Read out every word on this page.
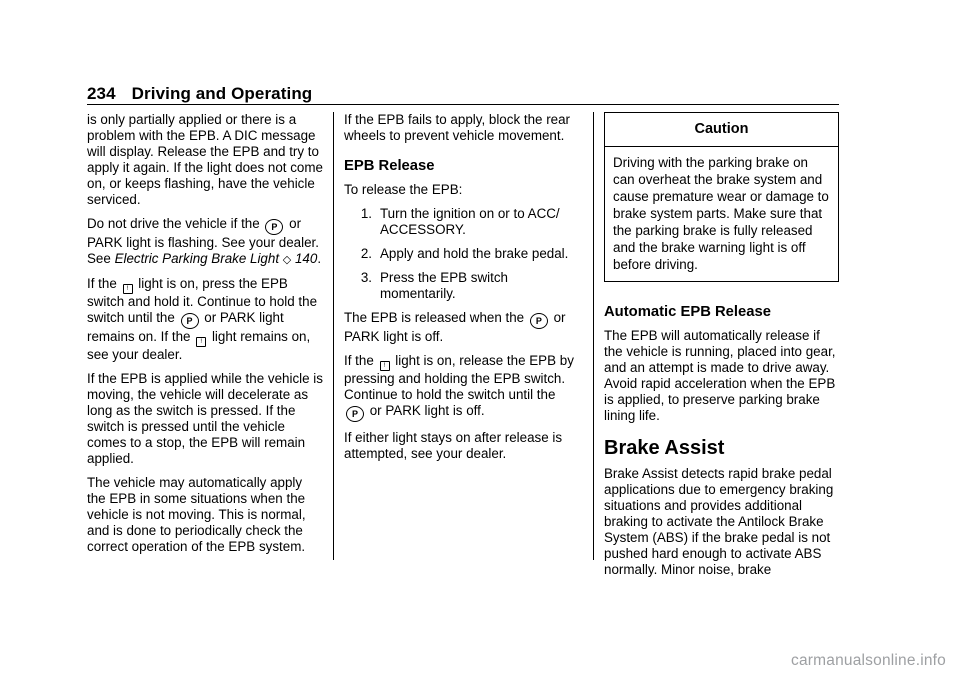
234 Driving and Operating

is only partially applied or there is a problem with the EPB. A DIC message will display. Release the EPB and try to apply it again. If the light does not come on, or keeps flashing, have the vehicle serviced.

Do not drive the vehicle if the P or PARK light is flashing. See your dealer. See Electric Parking Brake Light ◇ 140.

If the ! light is on, press the EPB switch and hold it. Continue to hold the switch until the P or PARK light remains on. If the ! light remains on, see your dealer.

If the EPB is applied while the vehicle is moving, the vehicle will decelerate as long as the switch is pressed. If the switch is pressed until the vehicle comes to a stop, the EPB will remain applied.

The vehicle may automatically apply the EPB in some situations when the vehicle is not moving. This is normal, and is done to periodically check the correct operation of the EPB system.

If the EPB fails to apply, block the rear wheels to prevent vehicle movement.

EPB Release

To release the EPB:

1. Turn the ignition on or to ACC/ ACCESSORY.
2. Apply and hold the brake pedal.
3. Press the EPB switch momentarily.

The EPB is released when the P or PARK light is off.

If the ! light is on, release the EPB by pressing and holding the EPB switch. Continue to hold the switch until the P or PARK light is off.

If either light stays on after release is attempted, see your dealer.

Caution
Driving with the parking brake on can overheat the brake system and cause premature wear or damage to brake system parts. Make sure that the parking brake is fully released and the brake warning light is off before driving.
Automatic EPB Release

The EPB will automatically release if the vehicle is running, placed into gear, and an attempt is made to drive away. Avoid rapid acceleration when the EPB is applied, to preserve parking brake lining life.

Brake Assist

Brake Assist detects rapid brake pedal applications due to emergency braking situations and provides additional braking to activate the Antilock Brake System (ABS) if the brake pedal is not pushed hard enough to activate ABS normally. Minor noise, brake

carmanualsonline.info
